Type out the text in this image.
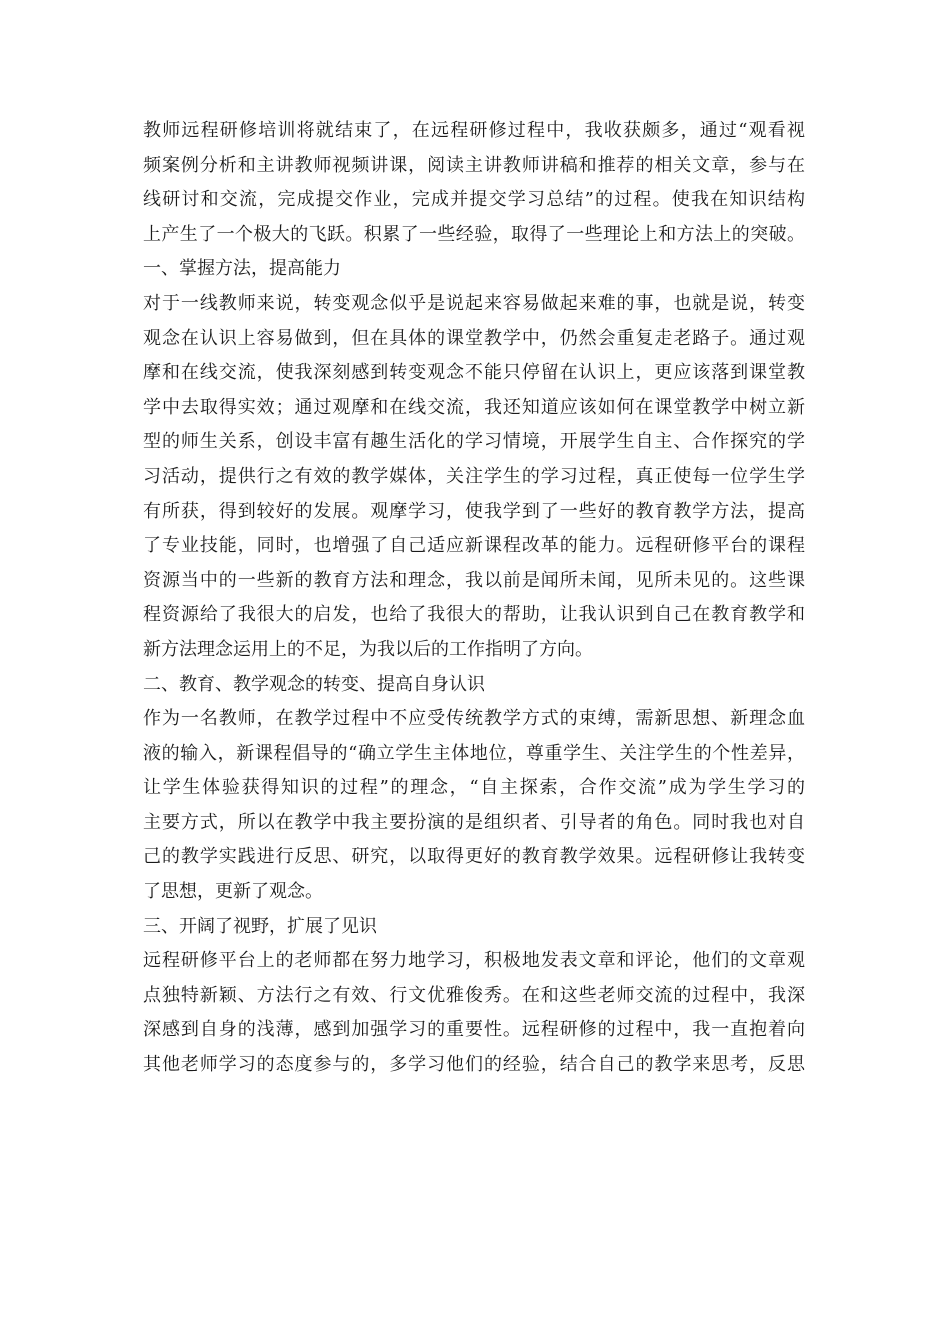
教师远程研修培训将就结束了，在远程研修过程中，我收获颇多，通过“观看视
频案例分析和主讲教师视频讲课，阅读主讲教师讲稿和推荐的相关文章，参与在
线研讨和交流，完成提交作业，完成并提交学习总结”的过程。使我在知识结构
上产生了一个极大的飞跃。积累了一些经验，取得了一些理论上和方法上的突破。
一、掌握方法，提高能力
对于一线教师来说，转变观念似乎是说起来容易做起来难的事，也就是说，转变
观念在认识上容易做到，但在具体的课堂教学中，仍然会重复走老路子。通过观
摩和在线交流，使我深刻感到转变观念不能只停留在认识上，更应该落到课堂教
学中去取得实效；通过观摩和在线交流，我还知道应该如何在课堂教学中树立新
型的师生关系，创设丰富有趣生活化的学习情境，开展学生自主、合作探究的学
习活动，提供行之有效的教学媒体，关注学生的学习过程，真正使每一位学生学
有所获，得到较好的发展。观摩学习，使我学到了一些好的教育教学方法，提高
了专业技能，同时，也增强了自己适应新课程改革的能力。远程研修平台的课程
资源当中的一些新的教育方法和理念，我以前是闻所未闻，见所未见的。这些课
程资源给了我很大的启发，也给了我很大的帮助，让我认识到自己在教育教学和
新方法理念运用上的不足，为我以后的工作指明了方向。
二、教育、教学观念的转变、提高自身认识
作为一名教师，在教学过程中不应受传统教学方式的束缚，需新思想、新理念血
液的输入，新课程倡导的“确立学生主体地位，尊重学生、关注学生的个性差异，
让学生体验获得知识的过程”的理念，“自主探索，合作交流”成为学生学习的
主要方式，所以在教学中我主要扮演的是组织者、引导者的角色。同时我也对自
己的教学实践进行反思、研究，以取得更好的教育教学效果。远程研修让我转变
了思想，更新了观念。
三、开阔了视野，扩展了见识
远程研修平台上的老师都在努力地学习，积极地发表文章和评论，他们的文章观
点独特新颖、方法行之有效、行文优雅俊秀。在和这些老师交流的过程中，我深
深感到自身的浅薄，感到加强学习的重要性。远程研修的过程中，我一直抱着向
其他老师学习的态度参与的，多学习他们的经验，结合自己的教学来思考，反思
